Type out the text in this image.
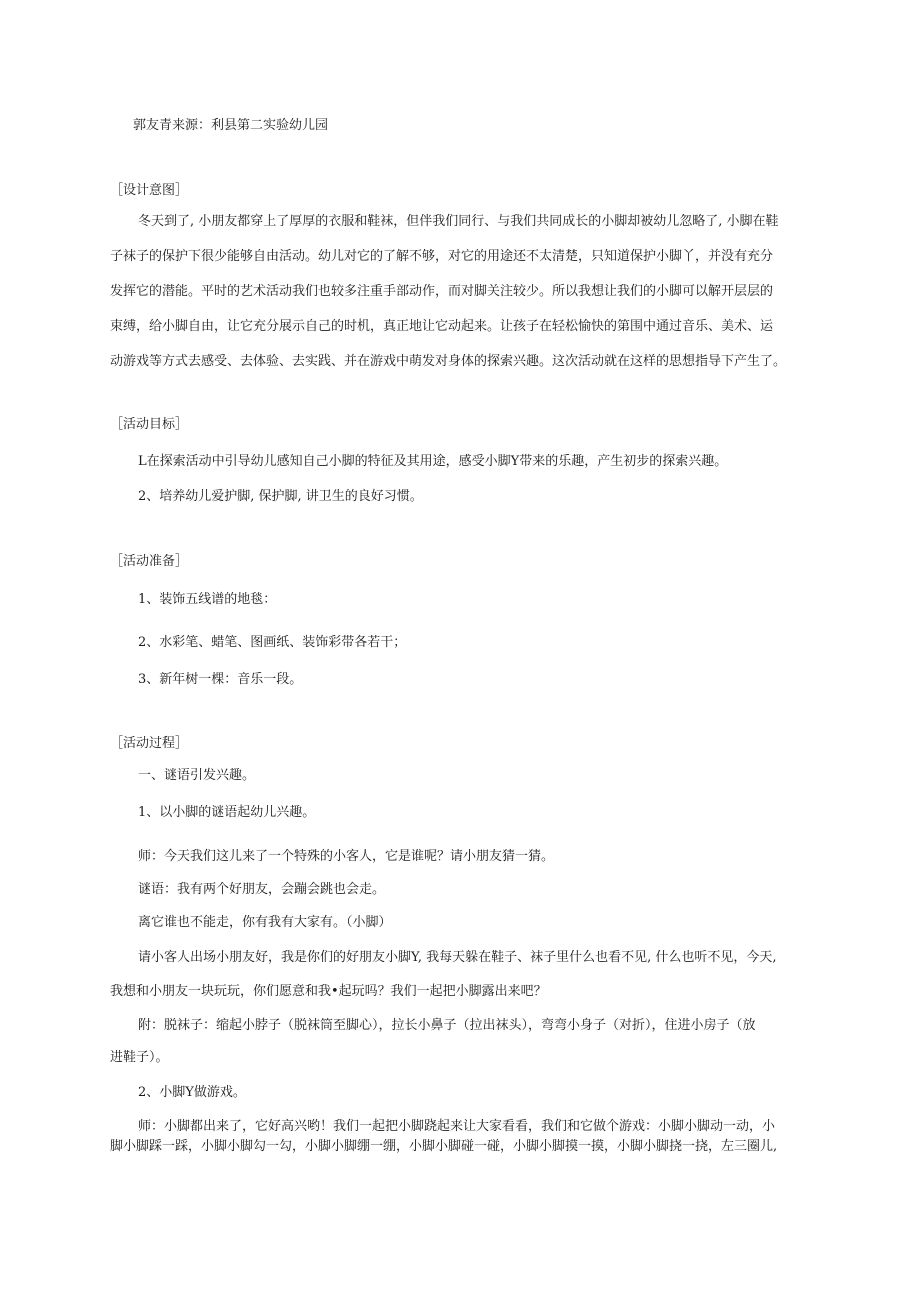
郭友青来源：利县第二实验幼儿园
［设计意图］
冬天到了, 小朋友都穿上了厚厚的衣服和鞋袜，但伴我们同行、与我们共同成长的小脚却被幼儿忽略了, 小脚在鞋
子袜子的保护下很少能够自由活动。幼儿对它的了解不够，对它的用途还不太清楚，只知道保护小脚丫，并没有充分
发挥它的潜能。平时的艺术活动我们也较多注重手部动作，而对脚关注较少。所以我想让我们的小脚可以解开层层的
束缚，给小脚自由，让它充分展示自己的时机，真正地让它动起来。让孩子在轻松愉快的第围中通过音乐、美术、运
动游戏等方式去感受、去体验、去实践、并在游戏中萌发对身体的探索兴趣。这次活动就在这样的思想指导下产生了。
［活动目标］
L在探索活动中引导幼儿感知自己小脚的特征及其用途，感受小脚Y带来的乐趣，产生初步的探索兴趣。
2、培养幼儿爱护脚, 保护脚, 讲卫生的良好习惯。
［活动准备］
1、装饰五线谱的地毯：
2、水彩笔、蜡笔、图画纸、装饰彩带各若干；
3、新年树一棵：音乐一段。
［活动过程］
一、谜语引发兴趣。
1、以小脚的谜语起幼儿兴趣。
师：今天我们这儿来了一个特殊的小客人，它是谁呢？请小朋友猜一猜。
谜语：我有两个好朋友，会蹦会跳也会走。
离它谁也不能走，你有我有大家有。（小脚）
请小客人出场小朋友好，我是你们的好朋友小脚Y, 我每天躲在鞋子、袜子里什么也看不见, 什么也听不见，今天,
我想和小朋友一块玩玩，你们愿意和我•起玩吗？我们一起把小脚露出来吧？
附：脱袜子：缩起小脖子（脱袜筒至脚心），拉长小鼻子（拉出袜头），弯弯小身子（对折），住进小房子（放
进鞋子）。
2、小脚Y做游戏。
师：小脚都出来了，它好高兴哟！我们一起把小脚跷起来让大家看看，我们和它做个游戏：小脚小脚动一动，小
脚小脚踩一踩，小脚小脚勾一勾，小脚小脚绷一绷，小脚小脚碰一碰，小脚小脚摸一摸，小脚小脚挠一挠，左三圈儿,
